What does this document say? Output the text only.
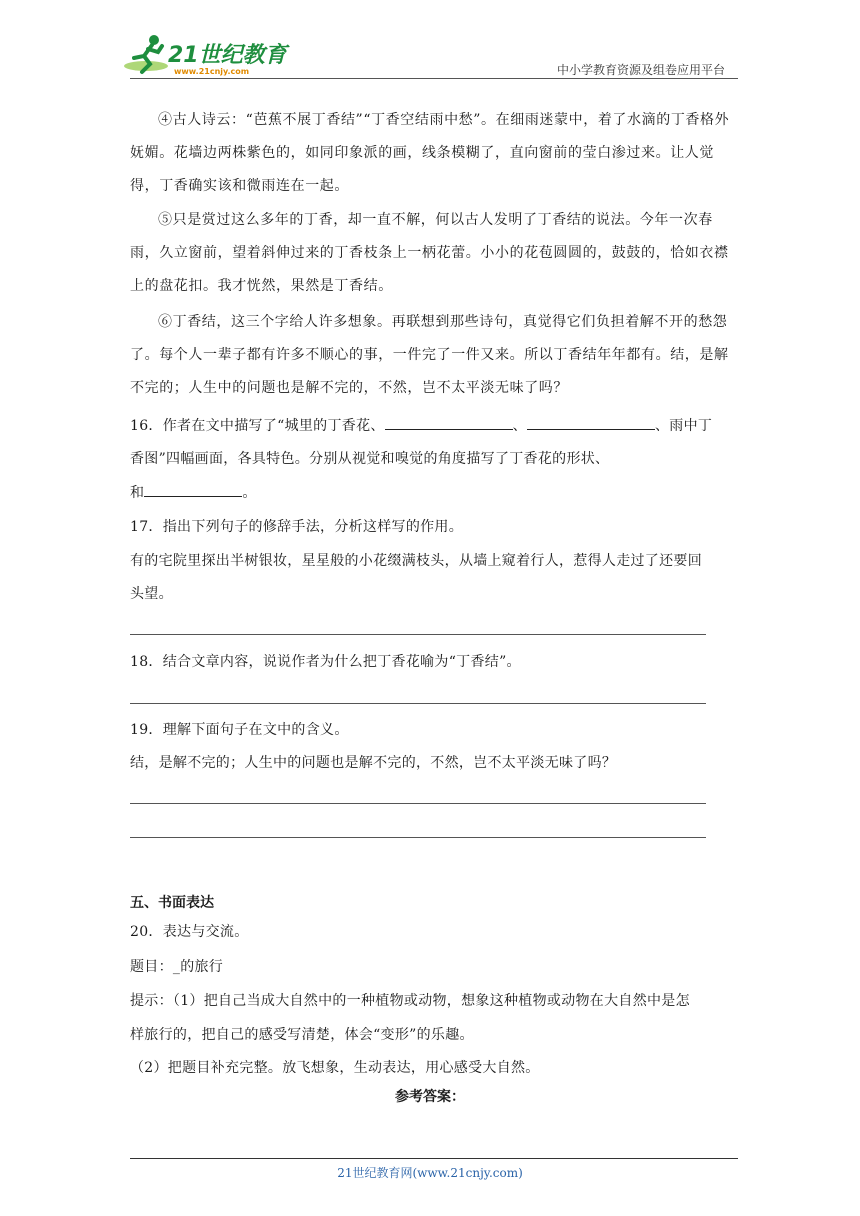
21世纪教育
www.21cnjy.com	中小学教育资源及组卷应用平台

④古人诗云：“芭蕉不展丁香结”“丁香空结雨中愁”。在细雨迷蒙中，着了水滴的丁香格外妩媚。花墙边两株紫色的，如同印象派的画，线条模糊了，直向窗前的莹白渗过来。让人觉得，丁香确实该和微雨连在一起。

⑤只是赏过这么多年的丁香，却一直不解，何以古人发明了丁香结的说法。今年一次春雨，久立窗前，望着斜伸过来的丁香枝条上一柄花蕾。小小的花苞圆圆的，鼓鼓的，恰如衣襟上的盘花扣。我才恍然，果然是丁香结。

⑥丁香结，这三个字给人许多想象。再联想到那些诗句，真觉得它们负担着解不开的愁怨了。每个人一辈子都有许多不顺心的事，一件完了一件又来。所以丁香结年年都有。结，是解不完的；人生中的问题也是解不完的，不然，岂不太平淡无味了吗？

16．作者在文中描写了“城里的丁香花、	、	、雨中丁
香图”四幅画面，各具特色。分别从视觉和嗅觉的角度描写了丁香花的形状、
和	。
17．指出下列句子的修辞手法，分析这样写的作用。
有的宅院里探出半树银妆，星星般的小花缀满枝头，从墙上窥着行人，惹得人走过了还要回
头望。
18．结合文章内容，说说作者为什么把丁香花喻为“丁香结”。
19．理解下面句子在文中的含义。
结，是解不完的；人生中的问题也是解不完的，不然，岂不太平淡无味了吗？
五、书面表达
20．表达与交流。
题目：_的旅行
提示：（1）把自己当成大自然中的一种植物或动物，想象这种植物或动物在大自然中是怎
样旅行的，把自己的感受写清楚，体会“变形”的乐趣。
（2）把题目补充完整。放飞想象，生动表达，用心感受大自然。
参考答案：
21世纪教育网(www.21cnjy.com)
